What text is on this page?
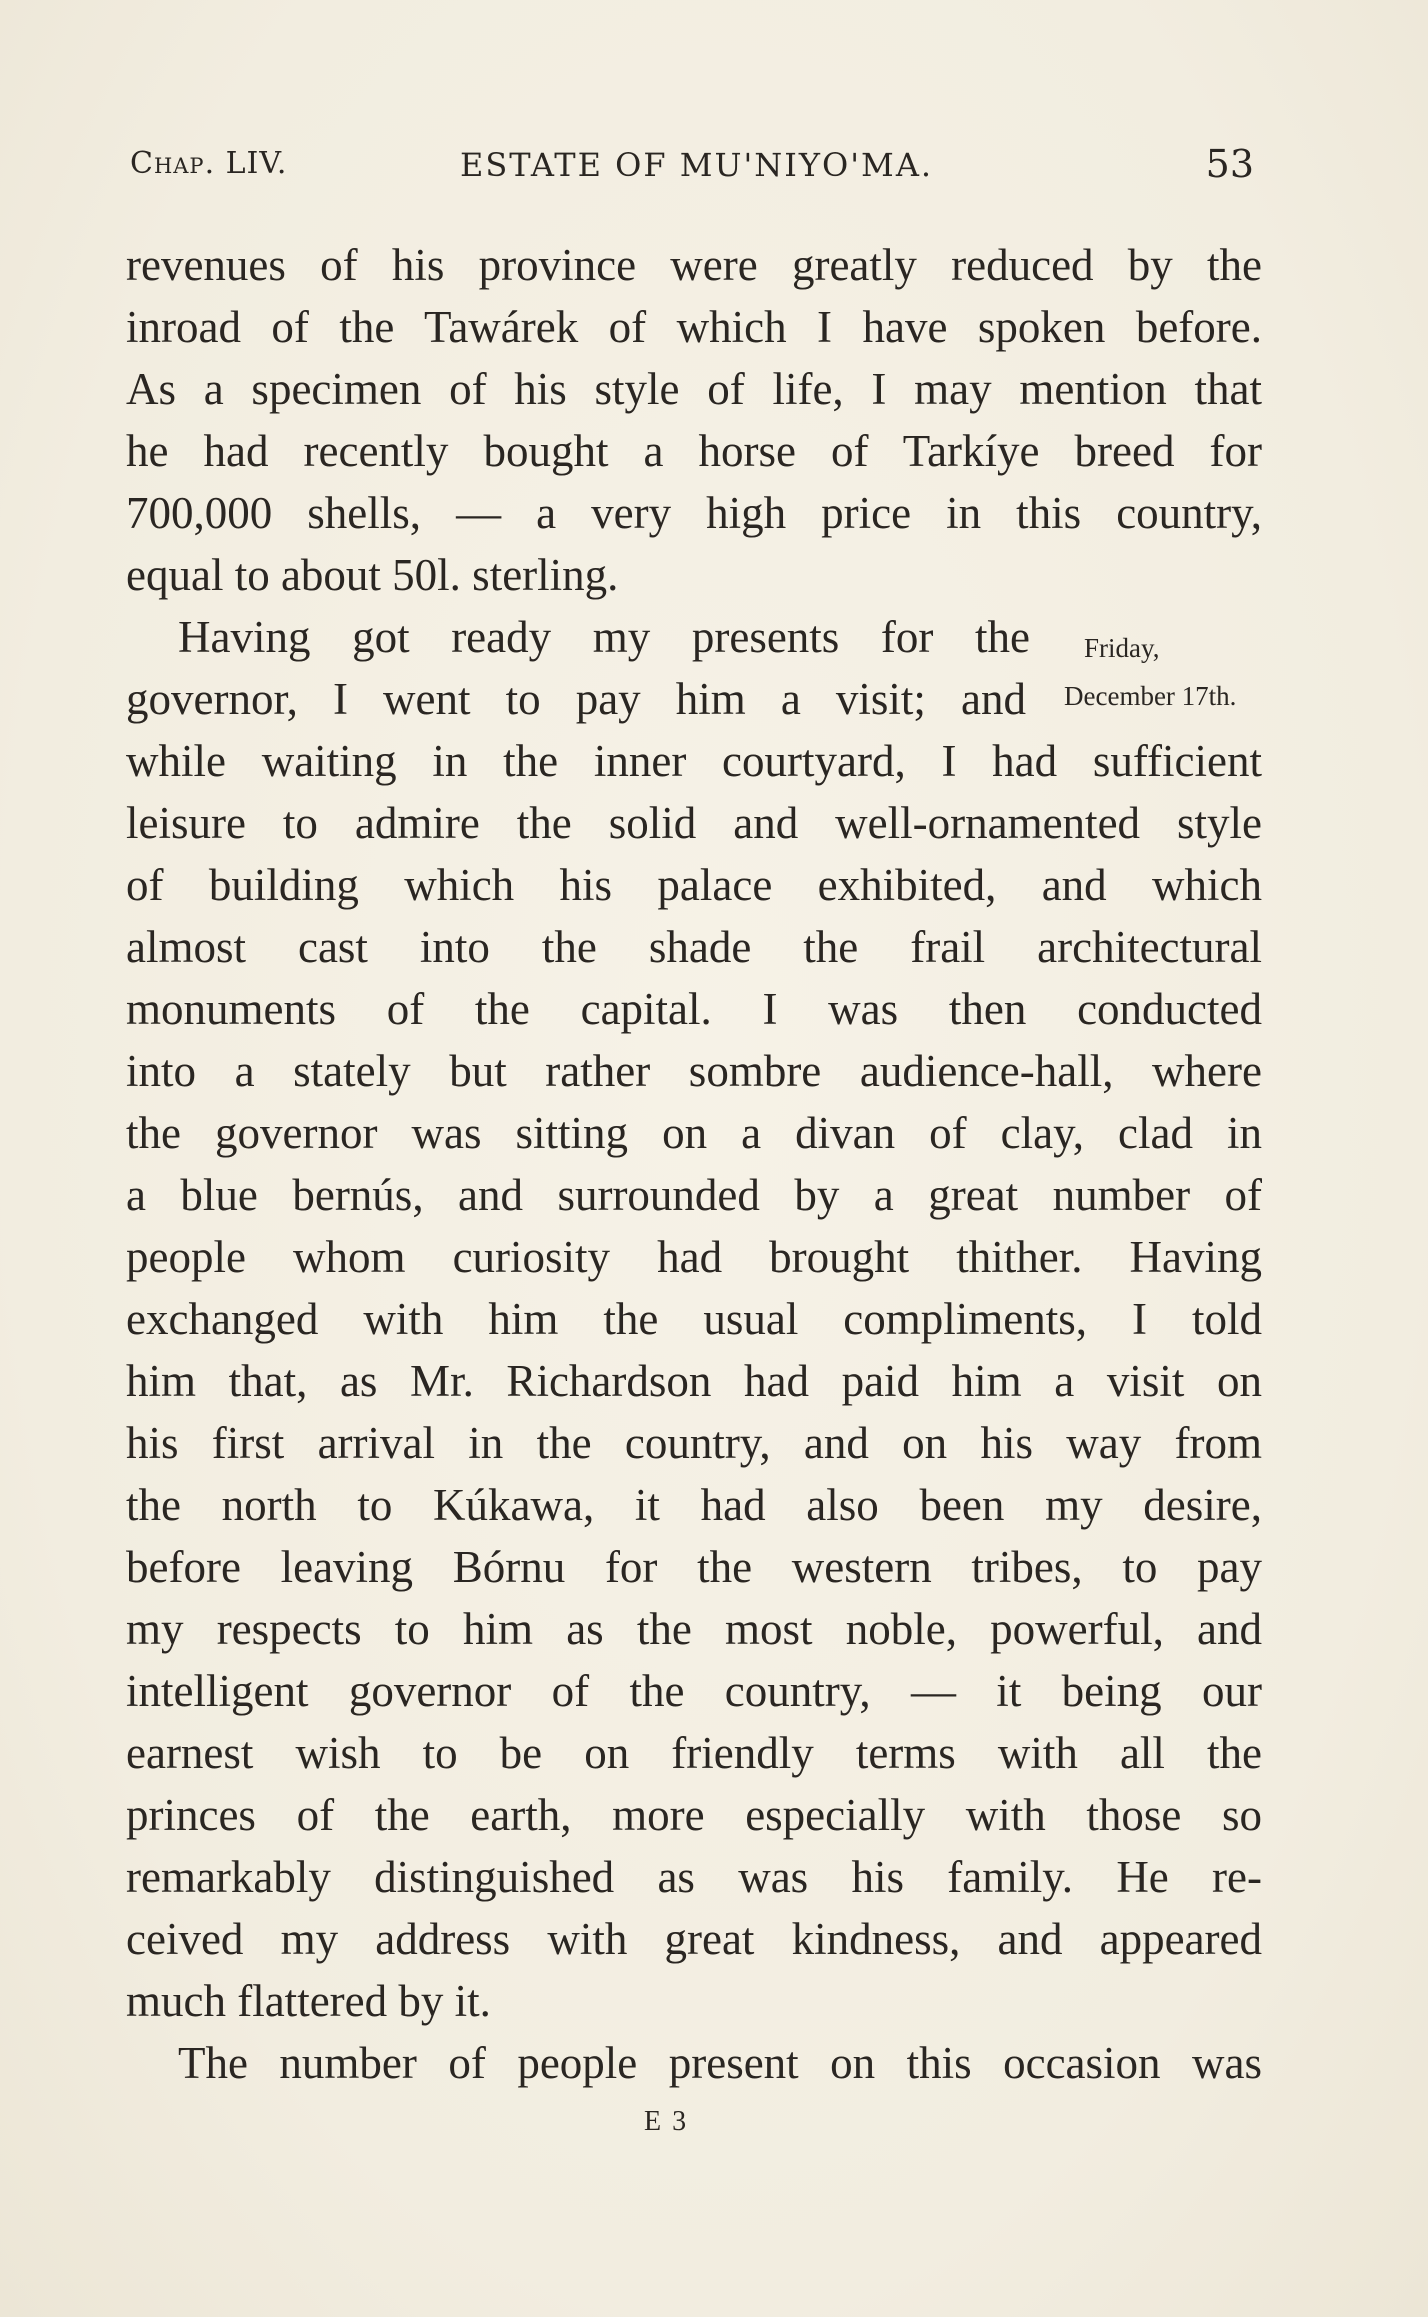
Chap. LIV.	ESTATE OF MU'NIYO'MA.	53
revenues of his province were greatly reduced by the
inroad of the Tawárek of which I have spoken before.
As a specimen of his style of life, I may mention that
he had recently bought a horse of Tarkíye breed for
700,000 shells, — a very high price in this country,
equal to about 50l. sterling.
Having got ready my presents for the
governor, I went to pay him a visit; and
while waiting in the inner courtyard, I had sufficient
leisure to admire the solid and well-ornamented style
of building which his palace exhibited, and which
almost cast into the shade the frail architectural
monuments of the capital. I was then conducted
into a stately but rather sombre audience-hall, where
the governor was sitting on a divan of clay, clad in
a blue bernús, and surrounded by a great number of
people whom curiosity had brought thither. Having
exchanged with him the usual compliments, I told
him that, as Mr. Richardson had paid him a visit on
his first arrival in the country, and on his way from
the north to Kúkawa, it had also been my desire,
before leaving Bórnu for the western tribes, to pay
my respects to him as the most noble, powerful, and
intelligent governor of the country, — it being our
earnest wish to be on friendly terms with all the
princes of the earth, more especially with those so
remarkably distinguished as was his family. He re-
ceived my address with great kindness, and appeared
much flattered by it.
The number of people present on this occasion was
Friday,
December 17th.
E 3
